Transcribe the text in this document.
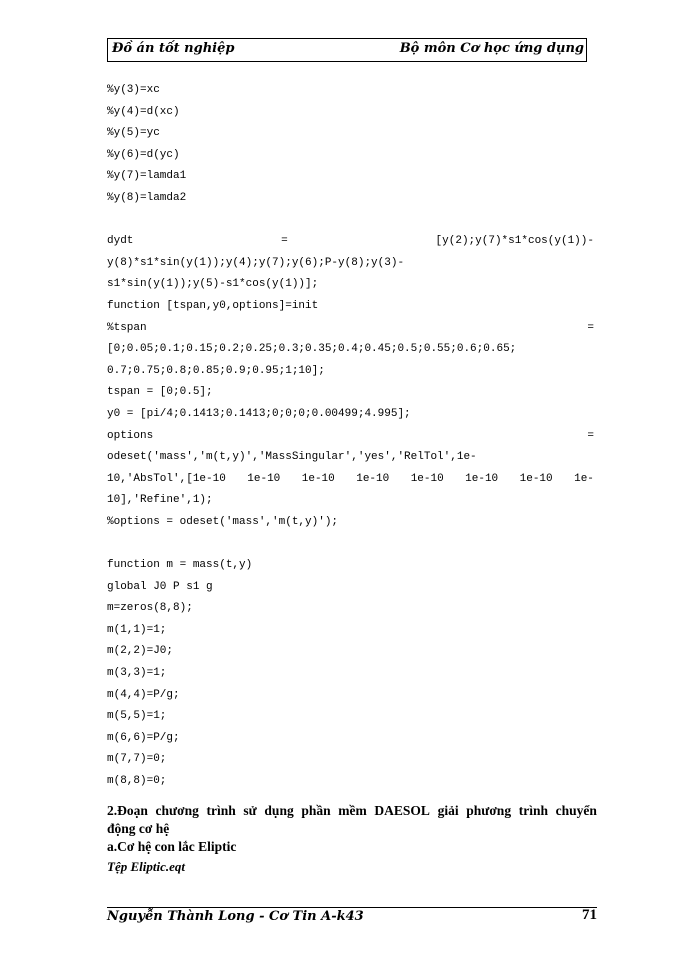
Đồ án tốt nghiệp	Bộ môn Cơ học ứng dụng
%y(3)=xc
%y(4)=d(xc)
%y(5)=yc
%y(6)=d(yc)
%y(7)=lamda1
%y(8)=lamda2
dydt	=	[y(2);y(7)*s1*cos(y(1))-
y(8)*s1*sin(y(1));y(4);y(7);y(6);P-y(8);y(3)-
s1*sin(y(1));y(5)-s1*cos(y(1))];
function [tspan,y0,options]=init
%tspan	=
[0;0.05;0.1;0.15;0.2;0.25;0.3;0.35;0.4;0.45;0.5;0.55;0.6;0.65;
0.7;0.75;0.8;0.85;0.9;0.95;1;10];
tspan = [0;0.5];
y0 = [pi/4;0.1413;0.1413;0;0;0;0.00499;4.995];
options	=
odeset('mass','m(t,y)','MassSingular','yes','RelTol',1e-
10,'AbsTol',[1e-10 1e-10 1e-10 1e-10 1e-10 1e-10 1e-10 1e-
10],'Refine',1);
%options = odeset('mass','m(t,y)');
function m = mass(t,y)
global J0 P s1 g
m=zeros(8,8);
m(1,1)=1;
m(2,2)=J0;
m(3,3)=1;
m(4,4)=P/g;
m(5,5)=1;
m(6,6)=P/g;
m(7,7)=0;
m(8,8)=0;
2.Đoạn chương trình sử dụng phần mềm DAESOL giải phương trình chuyển
động cơ hệ
a.Cơ hệ con lắc Eliptic
Tệp Eliptic.eqt
Nguyễn Thành Long - Cơ Tin A-k43	71
